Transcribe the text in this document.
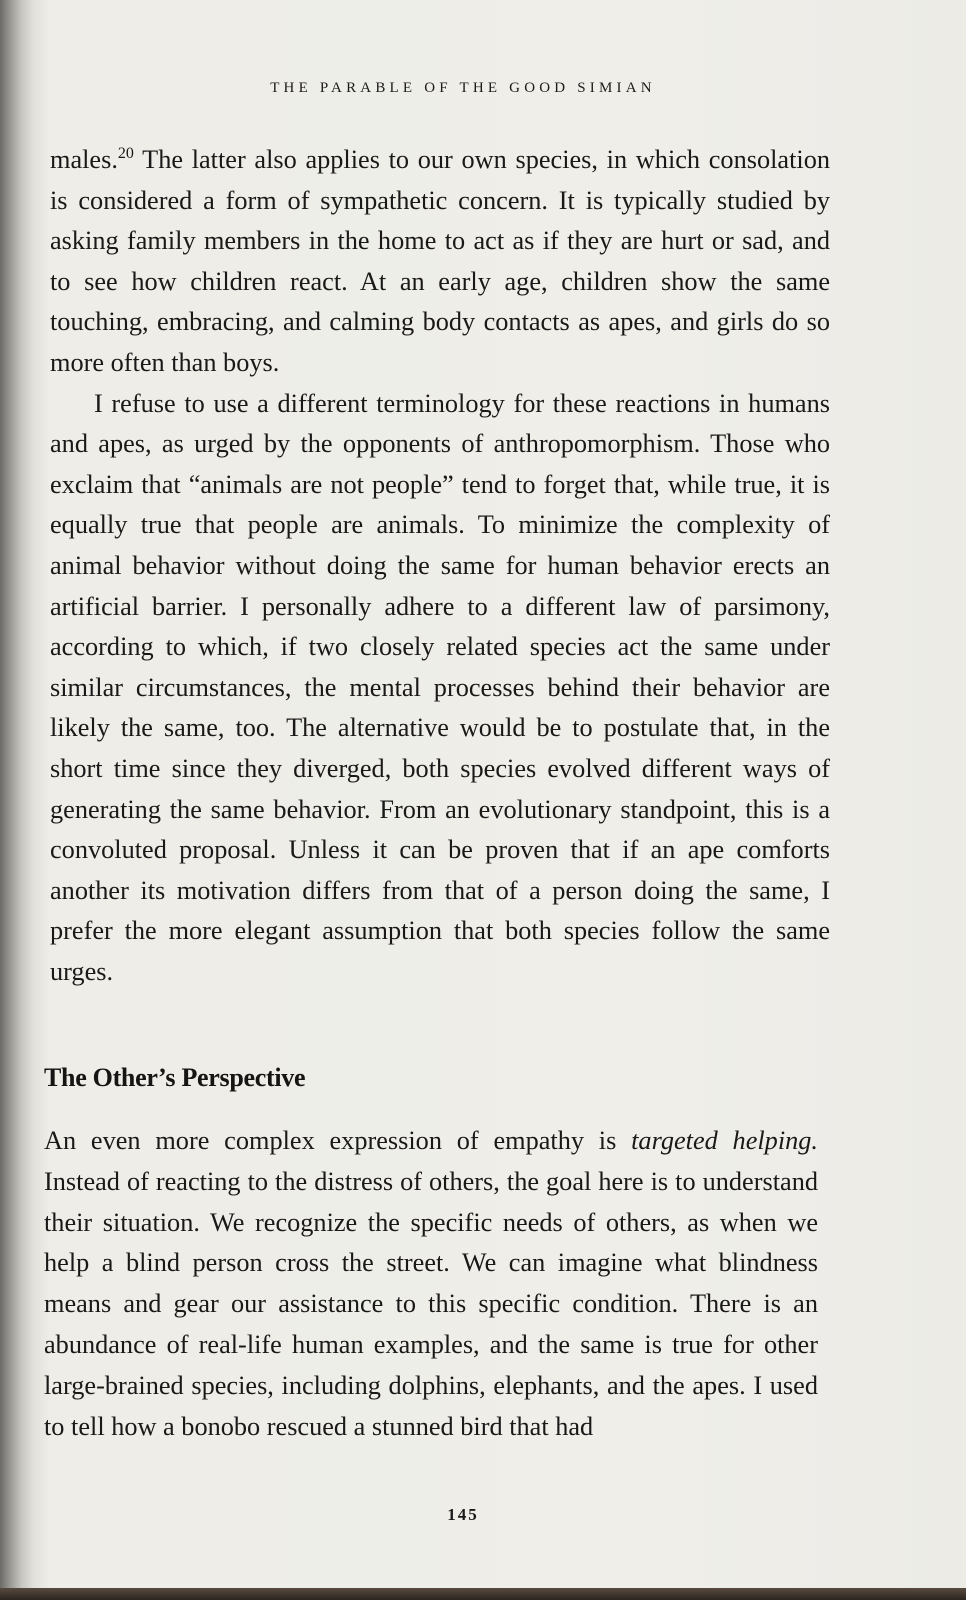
THE PARABLE OF THE GOOD SIMIAN

males.$^{20}$ The latter also applies to our own species, in which consolation is considered a form of sympathetic concern. It is typically studied by asking family members in the home to act as if they are hurt or sad, and to see how children react. At an early age, children show the same touching, embracing, and calming body contacts as apes, and girls do so more often than boys.

I refuse to use a different terminology for these reactions in humans and apes, as urged by the opponents of anthropomorphism. Those who exclaim that “animals are not people” tend to forget that, while true, it is equally true that people are animals. To minimize the complexity of animal behavior without doing the same for human behavior erects an artificial barrier. I personally adhere to a different law of parsimony, according to which, if two closely related species act the same under similar circumstances, the mental processes behind their behavior are likely the same, too. The alternative would be to postulate that, in the short time since they diverged, both species evolved different ways of generating the same behavior. From an evolutionary standpoint, this is a convoluted proposal. Unless it can be proven that if an ape comforts another its motivation differs from that of a person doing the same, I prefer the more elegant assumption that both species follow the same urges.

The Other’s Perspective

An even more complex expression of empathy is targeted helping. Instead of reacting to the distress of others, the goal here is to understand their situation. We recognize the specific needs of others, as when we help a blind person cross the street. We can imagine what blindness means and gear our assistance to this specific condition. There is an abundance of real-life human examples, and the same is true for other large-brained species, including dolphins, elephants, and the apes. I used to tell how a bonobo rescued a stunned bird that had

145
